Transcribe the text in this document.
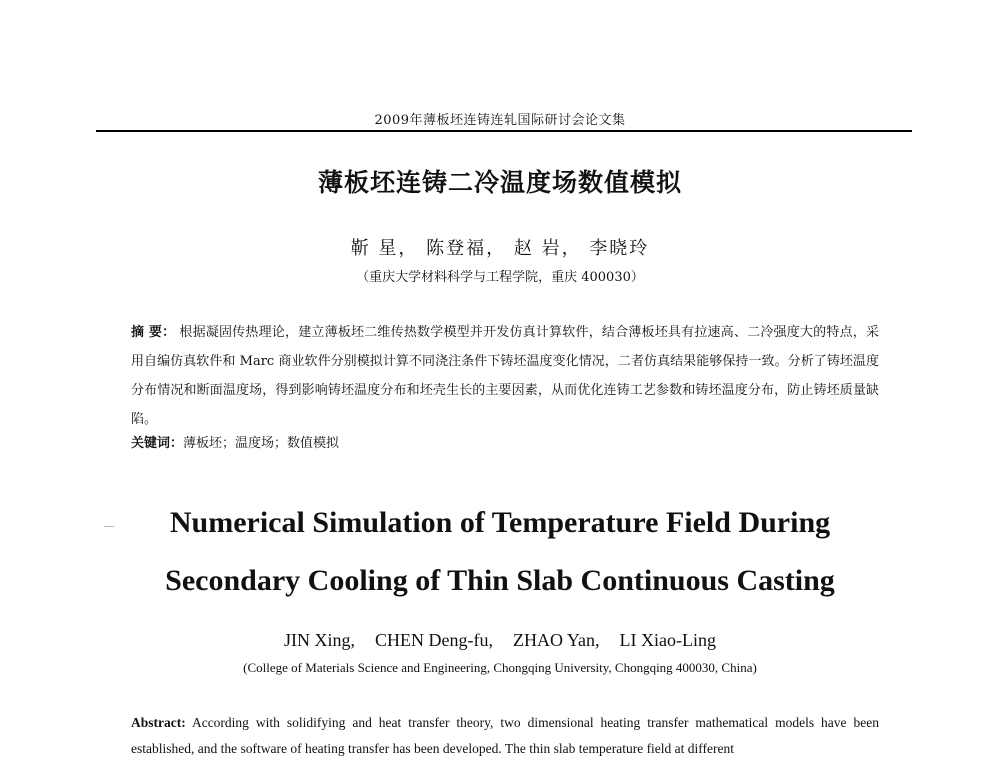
2009年薄板坯连铸连轧国际研讨会论文集
薄板坯连铸二冷温度场数值模拟
靳 星， 陈登福， 赵 岩， 李晓玲
（重庆大学材料科学与工程学院，重庆 400030）
摘 要： 根据凝固传热理论，建立薄板坯二维传热数学模型并开发仿真计算软件，结合薄板坯具有拉速高、二冷强度大的特点，采用自编仿真软件和 Marc 商业软件分别模拟计算不同浇注条件下铸坯温度变化情况，二者仿真结果能够保持一致。分析了铸坯温度分布情况和断面温度场，得到影响铸坯温度分布和坯壳生长的主要因素，从而优化连铸工艺参数和铸坯温度分布，防止铸坯质量缺陷。
关键词：薄板坯；温度场；数值模拟
Numerical Simulation of Temperature Field During
Secondary Cooling of Thin Slab Continuous Casting
JIN Xing, CHEN Deng-fu, ZHAO Yan, LI Xiao-Ling
(College of Materials Science and Engineering, Chongqing University, Chongqing 400030, China)
Abstract: According with solidifying and heat transfer theory, two dimensional heating transfer mathematical models have been established, and the software of heating transfer has been developed. The thin slab temperature field at different
